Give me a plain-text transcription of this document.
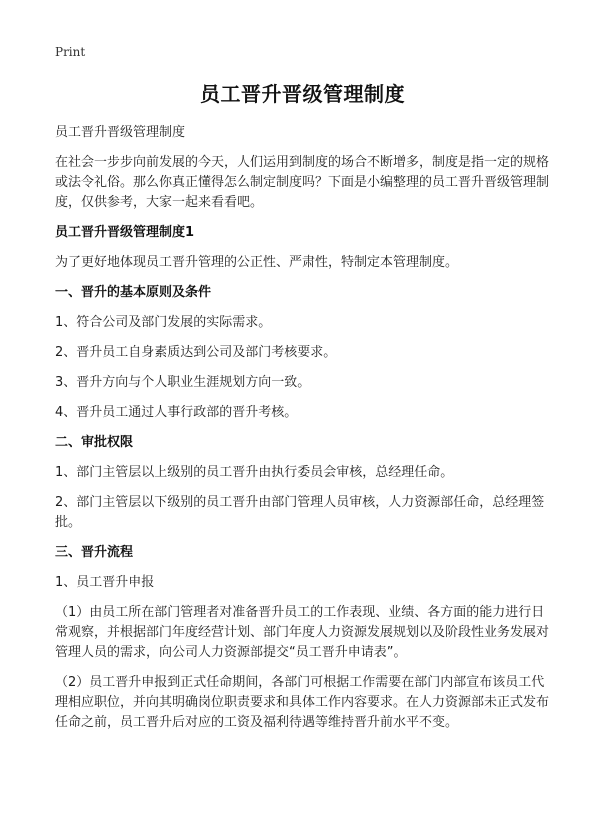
Print
员工晋升晋级管理制度
员工晋升晋级管理制度
在社会一步步向前发展的今天，人们运用到制度的场合不断增多，制度是指一定的规格或法令礼俗。那么你真正懂得怎么制定制度吗？下面是小编整理的员工晋升晋级管理制度，仅供参考，大家一起来看看吧。
员工晋升晋级管理制度1
为了更好地体现员工晋升管理的公正性、严肃性，特制定本管理制度。
一、晋升的基本原则及条件
1、符合公司及部门发展的实际需求。
2、晋升员工自身素质达到公司及部门考核要求。
3、晋升方向与个人职业生涯规划方向一致。
4、晋升员工通过人事行政部的晋升考核。
二、审批权限
1、部门主管层以上级别的员工晋升由执行委员会审核，总经理任命。
2、部门主管层以下级别的员工晋升由部门管理人员审核，人力资源部任命，总经理签批。
三、晋升流程
1、员工晋升申报
（1）由员工所在部门管理者对准备晋升员工的工作表现、业绩、各方面的能力进行日常观察，并根据部门年度经营计划、部门年度人力资源发展规划以及阶段性业务发展对管理人员的需求，向公司人力资源部提交“员工晋升申请表”。
（2）员工晋升申报到正式任命期间，各部门可根据工作需要在部门内部宣布该员工代理相应职位，并向其明确岗位职责要求和具体工作内容要求。在人力资源部未正式发布任命之前，员工晋升后对应的工资及福利待遇等维持晋升前水平不变。
